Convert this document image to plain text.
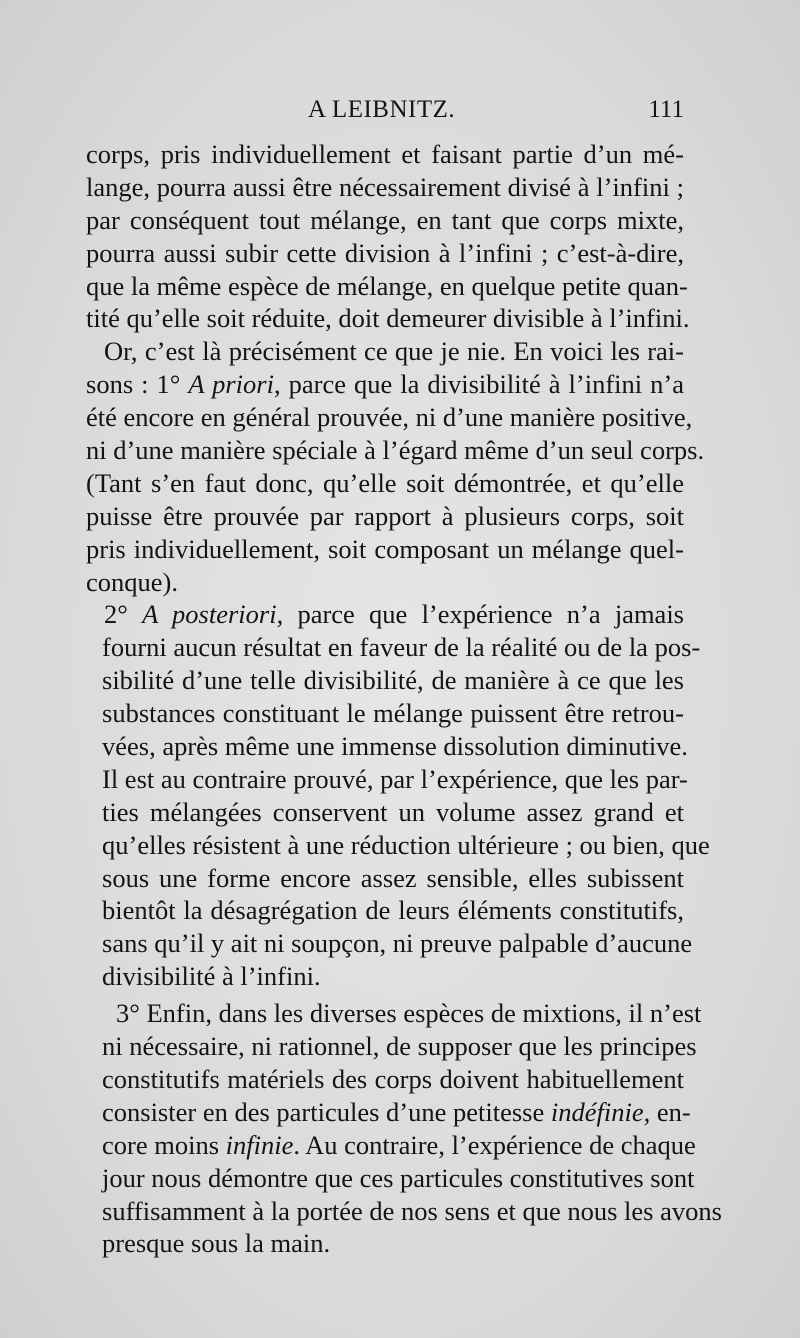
A LEIBNITZ.	111
corps, pris individuellement et faisant partie d’un mé-
lange, pourra aussi être nécessairement divisé à l’infini ;
par conséquent tout mélange, en tant que corps mixte,
pourra aussi subir cette division à l’infini ; c’est-à-dire,
que la même espèce de mélange, en quelque petite quan-
tité qu’elle soit réduite, doit demeurer divisible à l’infini.
Or, c’est là précisément ce que je nie. En voici les rai-
sons : 1° A priori, parce que la divisibilité à l’infini n’a
été encore en général prouvée, ni d’une manière positive,
ni d’une manière spéciale à l’égard même d’un seul corps.
(Tant s’en faut donc, qu’elle soit démontrée, et qu’elle
puisse être prouvée par rapport à plusieurs corps, soit
pris individuellement, soit composant un mélange quel-
conque).
2° A posteriori, parce que l’expérience n’a jamais
fourni aucun résultat en faveur de la réalité ou de la pos-
sibilité d’une telle divisibilité, de manière à ce que les
substances constituant le mélange puissent être retrou-
vées, après même une immense dissolution diminutive.
Il est au contraire prouvé, par l’expérience, que les par-
ties mélangées conservent un volume assez grand et
qu’elles résistent à une réduction ultérieure ; ou bien, que
sous une forme encore assez sensible, elles subissent
bientôt la désagrégation de leurs éléments constitutifs,
sans qu’il y ait ni soupçon, ni preuve palpable d’aucune
divisibilité à l’infini.
3° Enfin, dans les diverses espèces de mixtions, il n’est
ni nécessaire, ni rationnel, de supposer que les principes
constitutifs matériels des corps doivent habituellement
consister en des particules d’une petitesse indéfinie, en-
core moins infinie. Au contraire, l’expérience de chaque
jour nous démontre que ces particules constitutives sont
suffisamment à la portée de nos sens et que nous les avons
presque sous la main.
